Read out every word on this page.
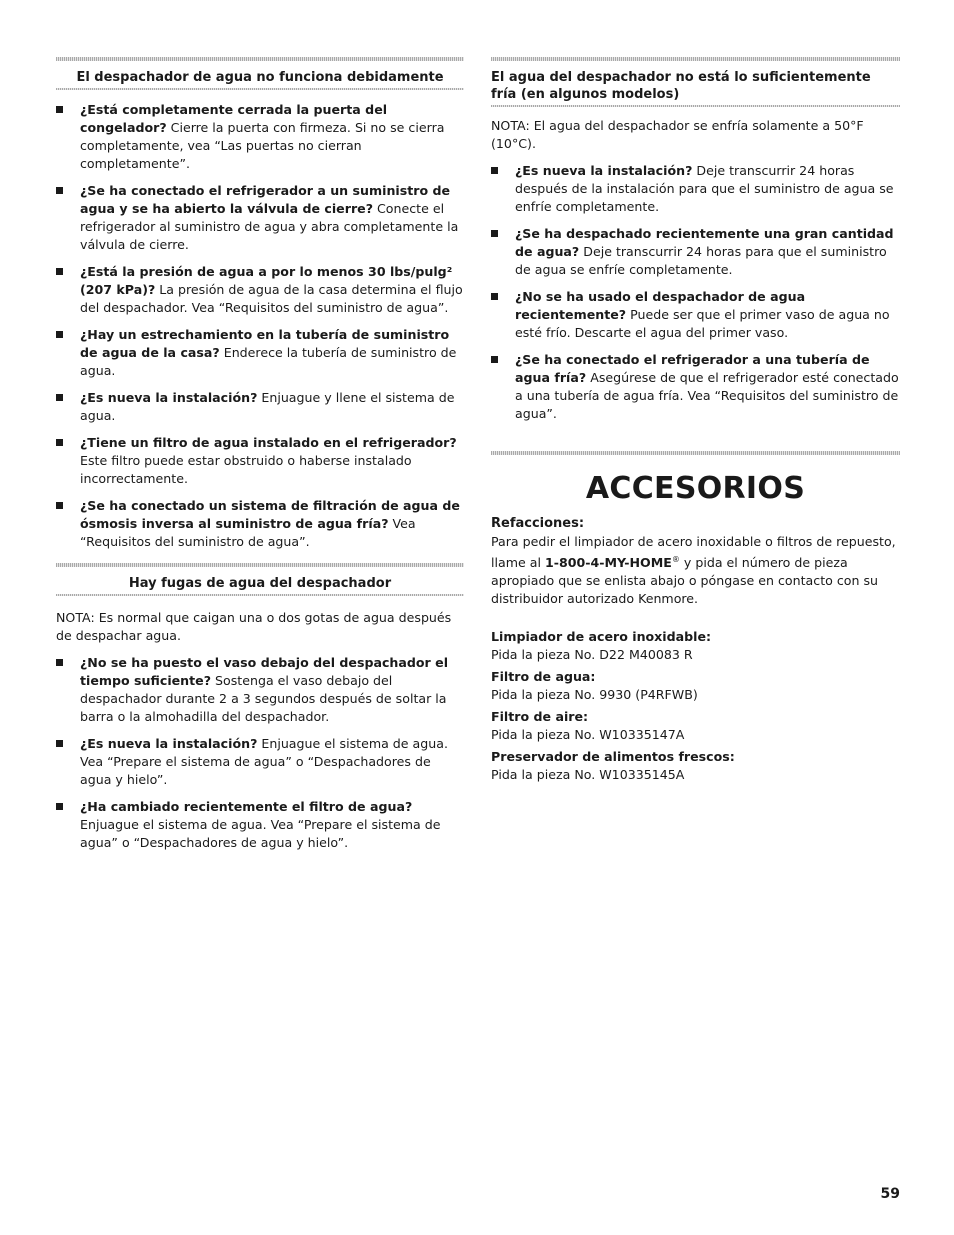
El despachador de agua no funciona debidamente

¿Está completamente cerrada la puerta del congelador? Cierre la puerta con firmeza. Si no se cierra completamente, vea “Las puertas no cierran completamente”.

¿Se ha conectado el refrigerador a un suministro de agua y se ha abierto la válvula de cierre? Conecte el refrigerador al suministro de agua y abra completamente la válvula de cierre.

¿Está la presión de agua a por lo menos 30 lbs/pulg² (207 kPa)? La presión de agua de la casa determina el flujo del despachador. Vea “Requisitos del suministro de agua”.

¿Hay un estrechamiento en la tubería de suministro de agua de la casa? Enderece la tubería de suministro de agua.

¿Es nueva la instalación? Enjuague y llene el sistema de agua.

¿Tiene un filtro de agua instalado en el refrigerador? Este filtro puede estar obstruido o haberse instalado incorrectamente.

¿Se ha conectado un sistema de filtración de agua de ósmosis inversa al suministro de agua fría? Vea “Requisitos del suministro de agua”.

Hay fugas de agua del despachador

NOTA: Es normal que caigan una o dos gotas de agua después de despachar agua.

¿No se ha puesto el vaso debajo del despachador el tiempo suficiente? Sostenga el vaso debajo del despachador durante 2 a 3 segundos después de soltar la barra o la almohadilla del despachador.

¿Es nueva la instalación? Enjuague el sistema de agua. Vea “Prepare el sistema de agua” o “Despachadores de agua y hielo”.

¿Ha cambiado recientemente el filtro de agua? Enjuague el sistema de agua. Vea “Prepare el sistema de agua” o “Despachadores de agua y hielo”.

El agua del despachador no está lo suficientemente fría (en algunos modelos)

NOTA: El agua del despachador se enfría solamente a 50°F (10°C).

¿Es nueva la instalación? Deje transcurrir 24 horas después de la instalación para que el suministro de agua se enfríe completamente.

¿Se ha despachado recientemente una gran cantidad de agua? Deje transcurrir 24 horas para que el suministro de agua se enfríe completamente.

¿No se ha usado el despachador de agua recientemente? Puede ser que el primer vaso de agua no esté frío. Descarte el agua del primer vaso.

¿Se ha conectado el refrigerador a una tubería de agua fría? Asegúrese de que el refrigerador esté conectado a una tubería de agua fría. Vea “Requisitos del suministro de agua”.

ACCESORIOS

Refacciones:

Para pedir el limpiador de acero inoxidable o filtros de repuesto, llame al 1-800-4-MY-HOME® y pida el número de pieza apropiado que se enlista abajo o póngase en contacto con su distribuidor autorizado Kenmore.

Limpiador de acero inoxidable:

Pida la pieza No. D22 M40083 R

Filtro de agua:

Pida la pieza No. 9930 (P4RFWB)

Filtro de aire:

Pida la pieza No. W10335147A

Preservador de alimentos frescos:

Pida la pieza No. W10335145A

59
